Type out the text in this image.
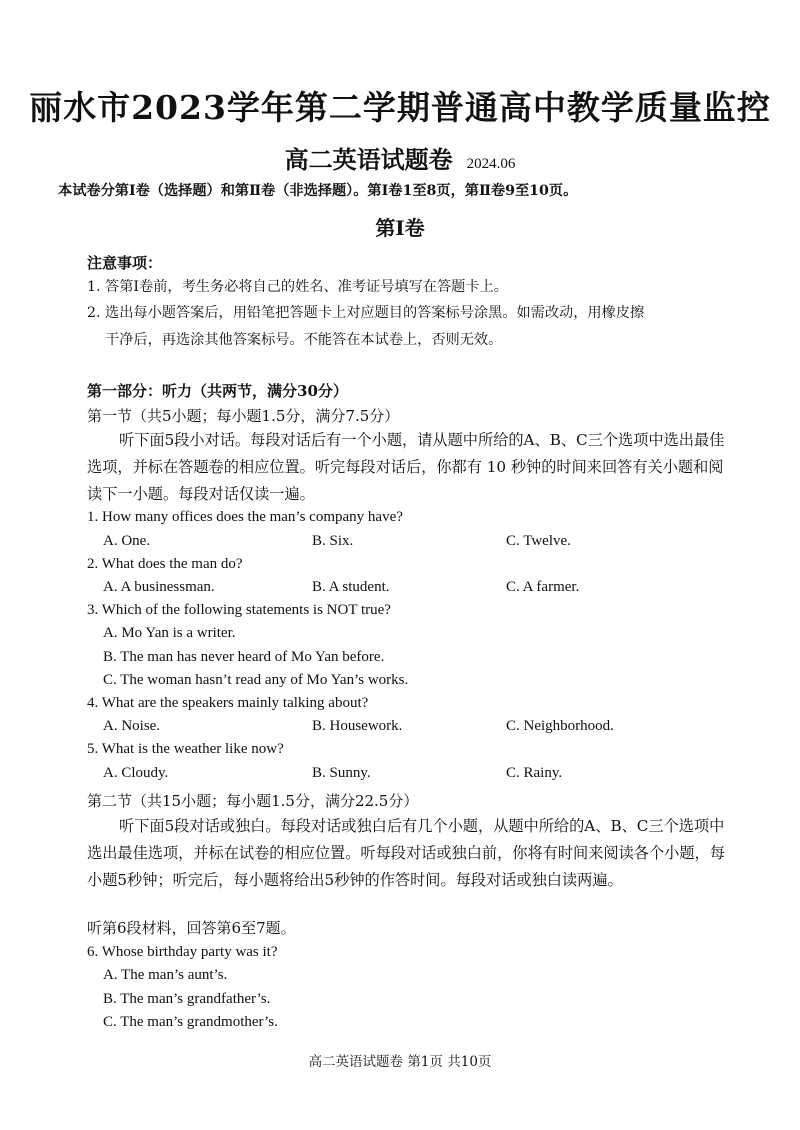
丽水市2023学年第二学期普通高中教学质量监控
高二英语试题卷 2024.06
本试卷分第Ⅰ卷（选择题）和第Ⅱ卷（非选择题）。第Ⅰ卷1至8页，第Ⅱ卷9至10页。
第Ⅰ卷
注意事项：
1. 答第Ⅰ卷前，考生务必将自己的姓名、准考证号填写在答题卡上。
2. 选出每小题答案后，用铅笔把答题卡上对应题目的答案标号涂黑。如需改动，用橡皮擦
干净后，再选涂其他答案标号。不能答在本试卷上，否则无效。
第一部分：听力（共两节，满分30分）
第一节（共5小题；每小题1.5分，满分7.5分）
听下面5段小对话。每段对话后有一个小题，请从题中所给的A、B、C三个选项中选出最佳选项，并标在答题卷的相应位置。听完每段对话后，你都有 10 秒钟的时间来回答有关小题和阅读下一小题。每段对话仅读一遍。
1. How many offices does the man’s company have?
A. One.	B. Six.	C. Twelve.
2. What does the man do?
A. A businessman.	B. A student.	C. A farmer.
3. Which of the following statements is NOT true?
A. Mo Yan is a writer.
B. The man has never heard of Mo Yan before.
C. The woman hasn’t read any of Mo Yan’s works.
4. What are the speakers mainly talking about?
A. Noise.	B. Housework.	C. Neighborhood.
5. What is the weather like now?
A. Cloudy.	B. Sunny.	C. Rainy.
第二节（共15小题；每小题1.5分，满分22.5分）
听下面5段对话或独白。每段对话或独白后有几个小题，从题中所给的A、B、C三个选项中选出最佳选项，并标在试卷的相应位置。听每段对话或独白前，你将有时间来阅读各个小题，每小题5秒钟；听完后，每小题将给出5秒钟的作答时间。每段对话或独白读两遍。
听第6段材料，回答第6至7题。
6. Whose birthday party was it?
A. The man’s aunt’s.
B. The man’s grandfather’s.
C. The man’s grandmother’s.
高二英语试题卷 第1页 共10页
